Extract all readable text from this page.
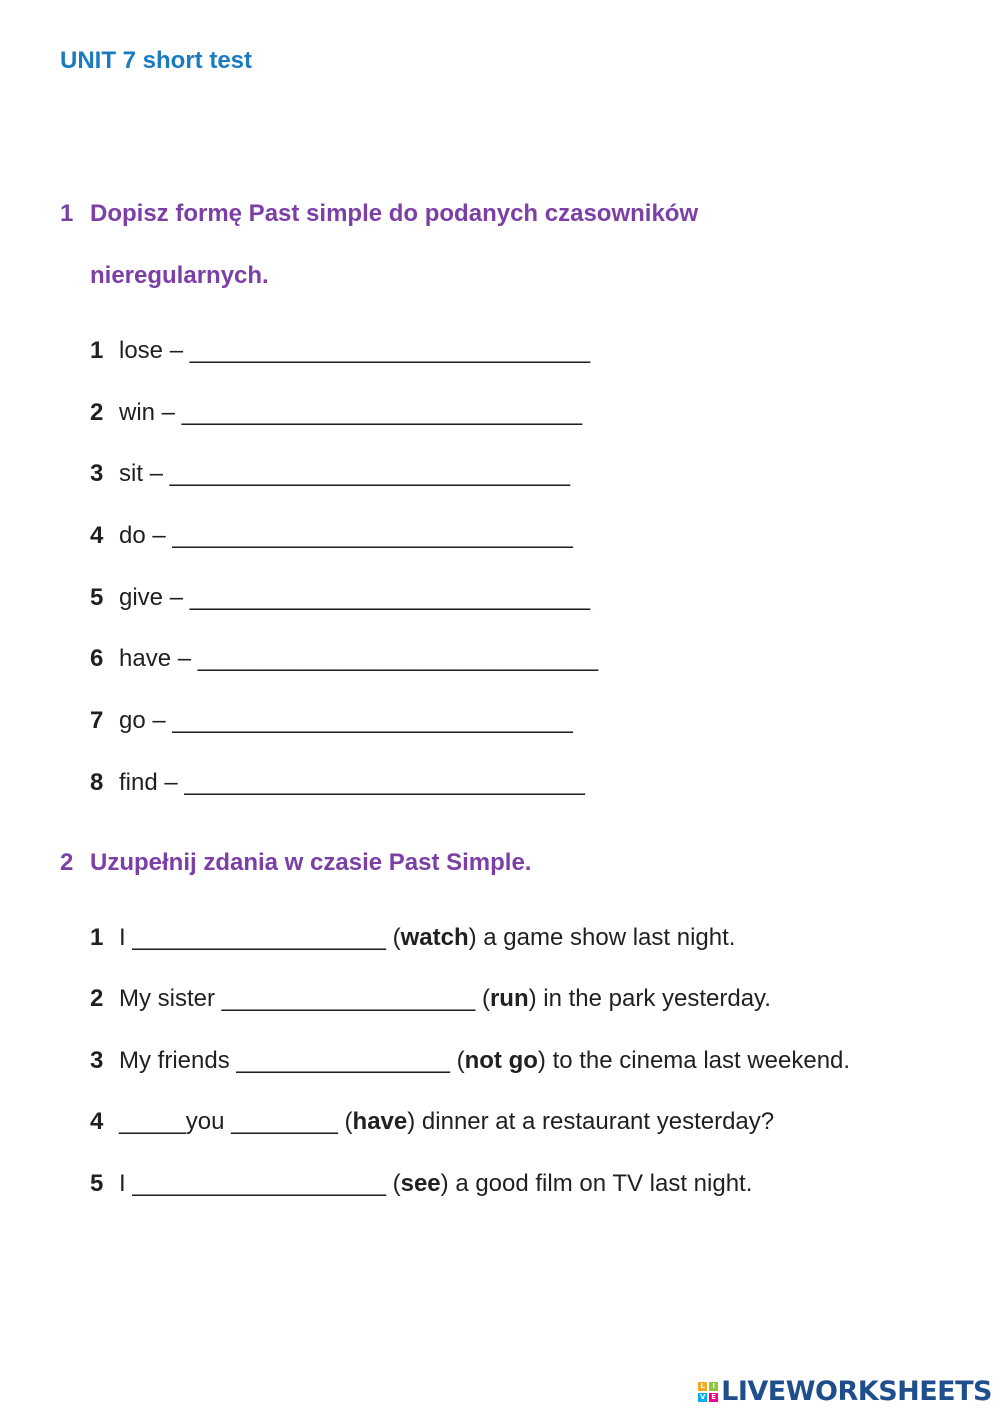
UNIT 7 short test
1 Dopisz formę Past simple do podanych czasowników
nieregularnych.
1 lose – ______________________________
2 win – ______________________________
3 sit – ______________________________
4 do – ______________________________
5 give – ______________________________
6 have – ______________________________
7 go – ______________________________
8 find – ______________________________
2 Uzupełnij zdania w czasie Past Simple.
1 I ___________________ (watch) a game show last night.
2 My sister ___________________ (run) in the park yesterday.
3 My friends ________________ (not go) to the cinema last weekend.
4 _____you ________ (have) dinner at a restaurant yesterday?
5 I ___________________ (see) a good film on TV last night.
L	I
V E LIVEWORKSHEETS
